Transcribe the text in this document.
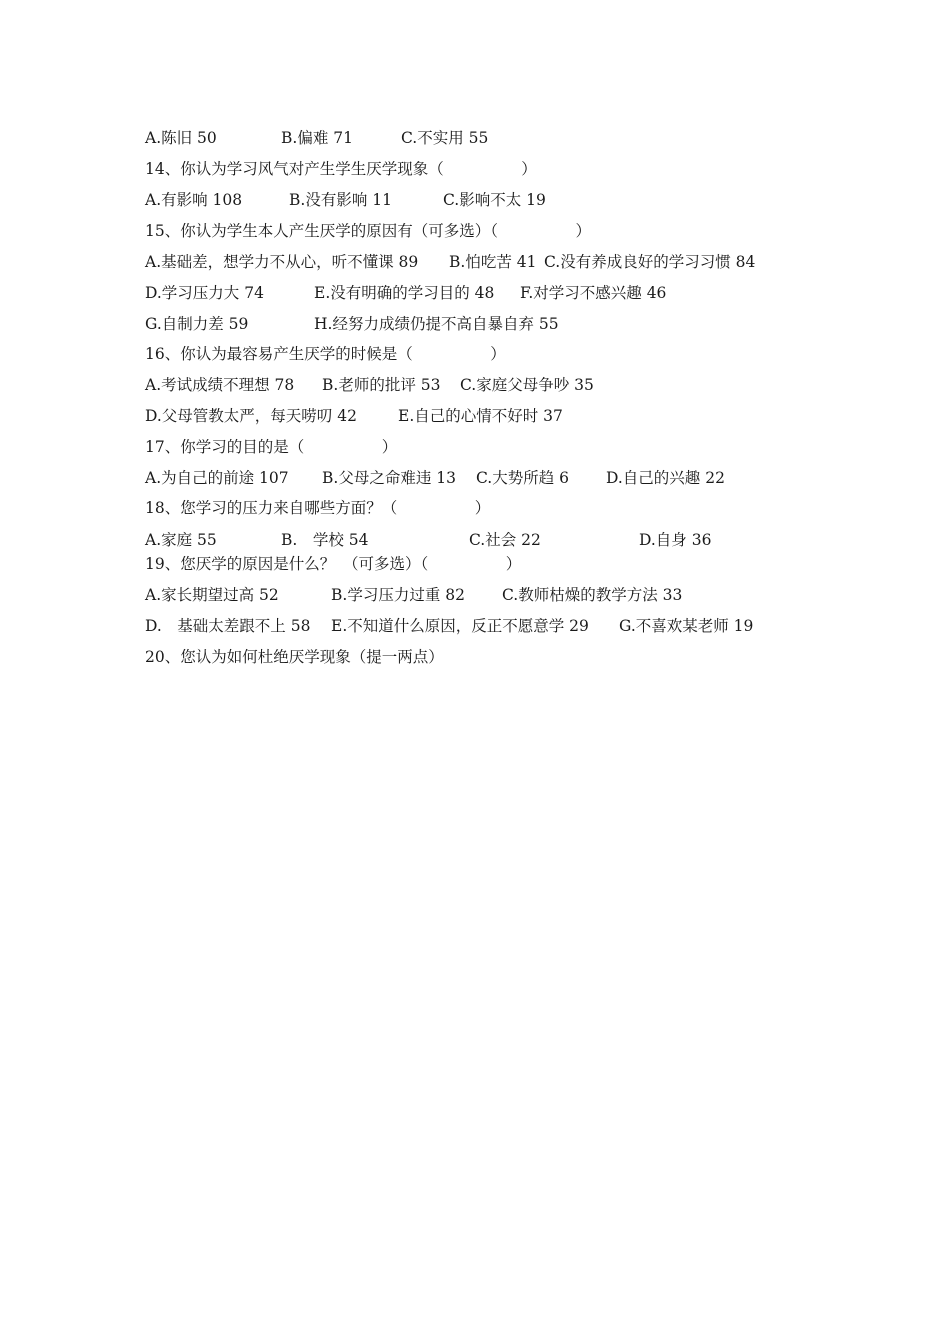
A.陈旧 50	B.偏难 71	C.不实用 55
14、你认为学习风气对产生学生厌学现象（　　　　　）
A.有影响 108	B.没有影响 11	C.影响不太 19
15、你认为学生本人产生厌学的原因有（可多选）（　　　　　）
A.基础差，想学力不从心，听不懂课 89 B.怕吃苦 41 C.没有养成良好的学习习惯 84
D.学习压力大 74	E.没有明确的学习目的 48 F.对学习不感兴趣 46
G.自制力差 59	H.经努力成绩仍提不高自暴自弃 55
16、你认为最容易产生厌学的时候是（　　　　　）
A.考试成绩不理想 78 B.老师的批评 53 C.家庭父母争吵 35
D.父母管教太严，每天唠叨 42	E.自己的心情不好时 37
17、你学习的目的是（　　　　　）
A.为自己的前途 107 B.父母之命难违 13 C.大势所趋 6 D.自己的兴趣 22
18、您学习的压力来自哪些方面？（　　　　　）
A.家庭 55	B.　学校 54	C.社会 22	D.自身 36
19、您厌学的原因是什么？　（可多选）（　　　　　）
A.家长期望过高 52	B.学习压力过重 82 C.教师枯燥的教学方法 33
D.　基础太差跟不上 58 E.不知道什么原因，反正不愿意学 29 G.不喜欢某老师 19
20、您认为如何杜绝厌学现象（提一两点）
